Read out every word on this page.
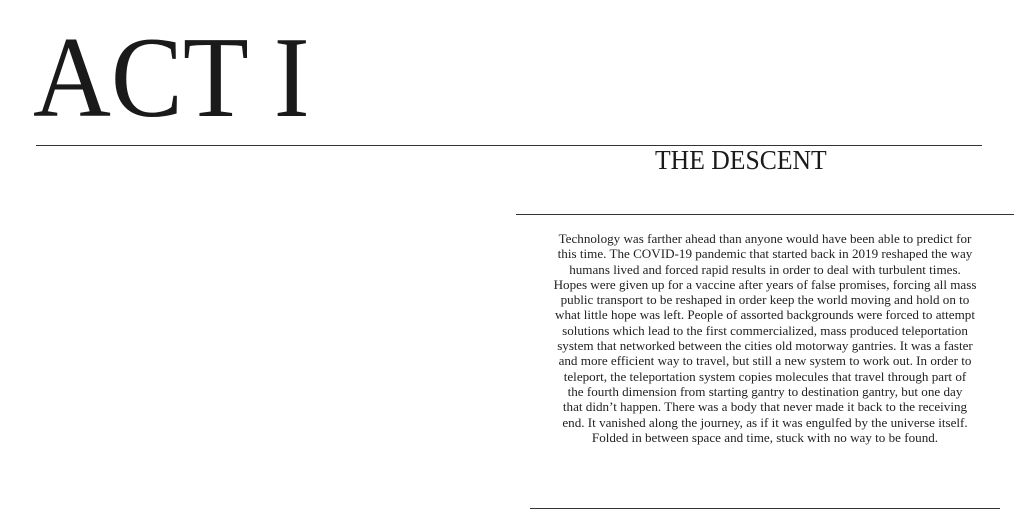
ACT I
THE DESCENT

Technology was farther ahead than anyone would have been able to predict for
this time. The COVID-19 pandemic that started back in 2019 reshaped the way
humans lived and forced rapid results in order to deal with turbulent times.
Hopes were given up for a vaccine after years of false promises, forcing all mass
public transport to be reshaped in order keep the world moving and hold on to
what little hope was left. People of assorted backgrounds were forced to attempt
solutions which lead to the first commercialized, mass produced teleportation
system that networked between the cities old motorway gantries. It was a faster
and more efficient way to travel, but still a new system to work out. In order to
teleport, the teleportation system copies molecules that travel through part of
the fourth dimension from starting gantry to destination gantry, but one day
that didn’t happen. There was a body that never made it back to the receiving
end. It vanished along the journey, as if it was engulfed by the universe itself.
Folded in between space and time, stuck with no way to be found.
